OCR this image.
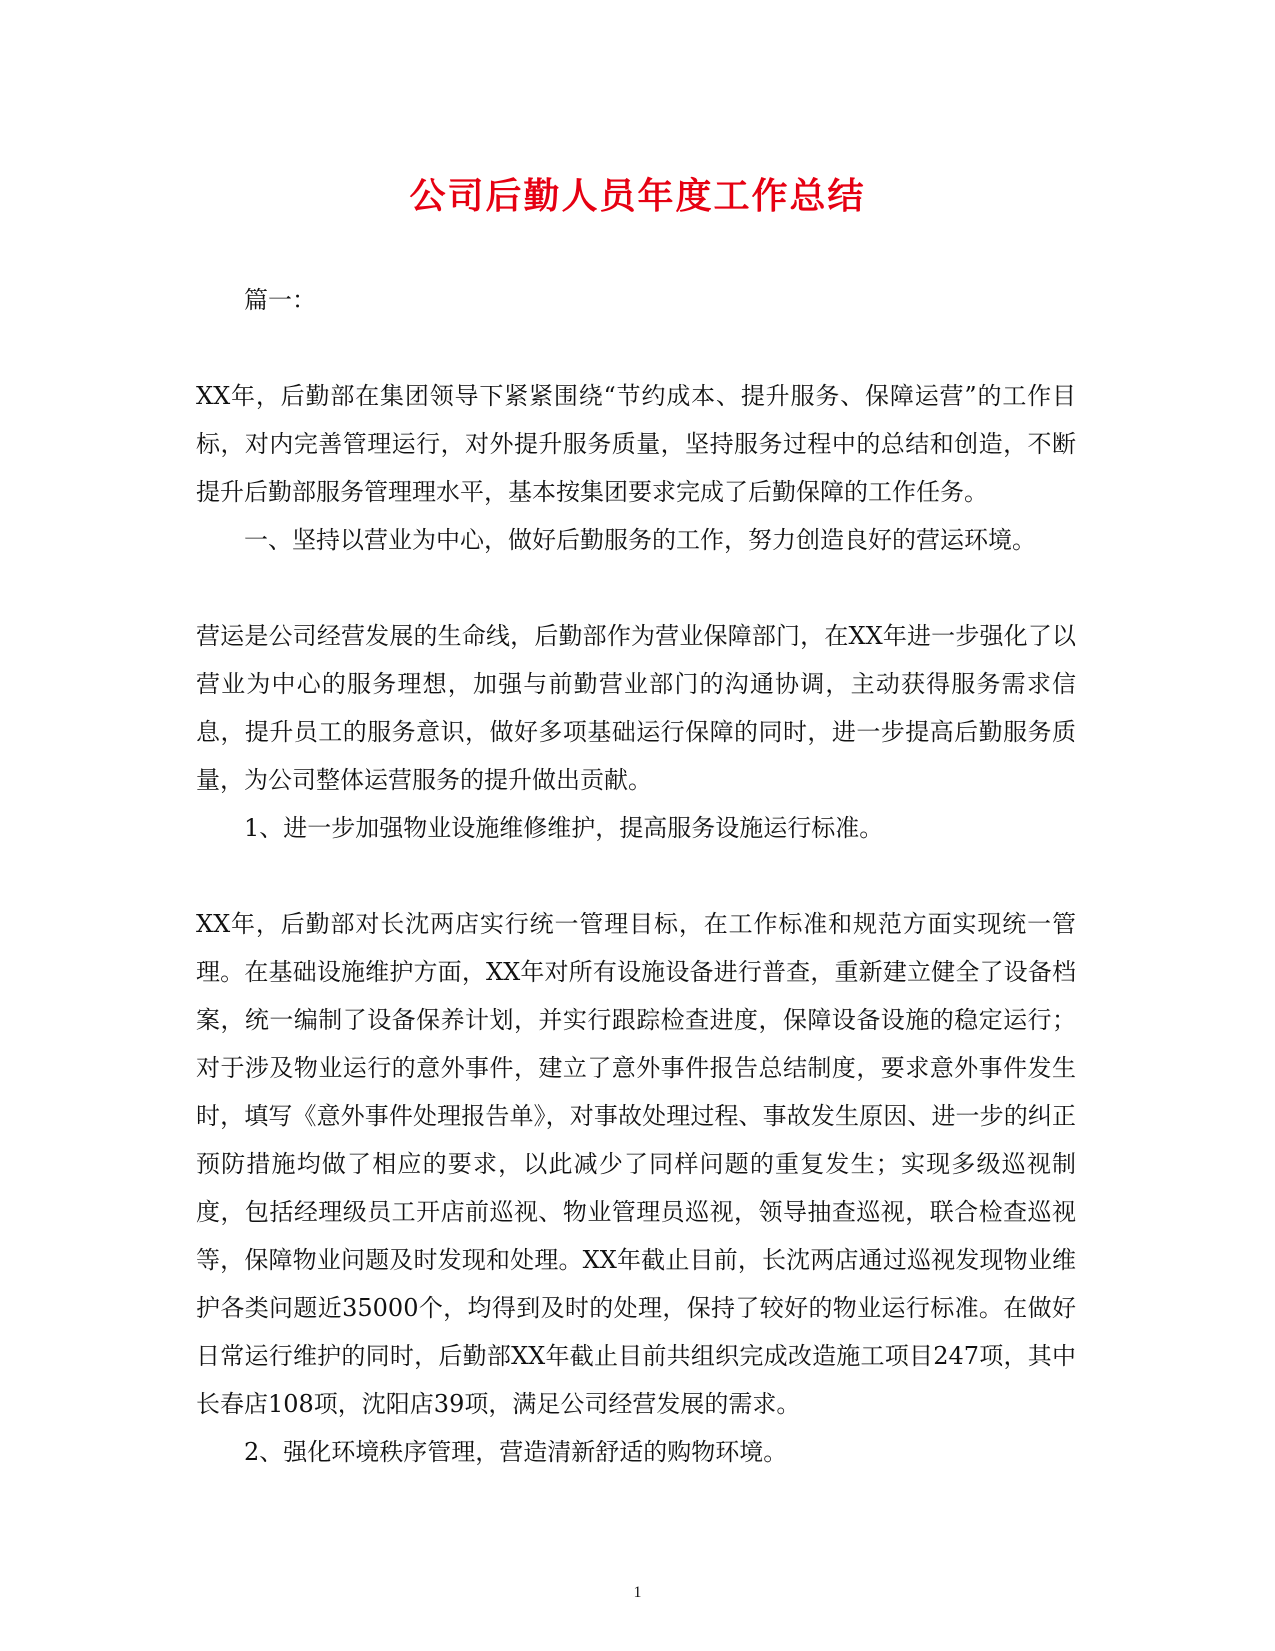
公司后勤人员年度工作总结

篇一：

XX年，后勤部在集团领导下紧紧围绕“节约成本、提升服务、保障运营”的工作目标，对内完善管理运行，对外提升服务质量，坚持服务过程中的总结和创造，不断提升后勤部服务管理理水平，基本按集团要求完成了后勤保障的工作任务。

一、坚持以营业为中心，做好后勤服务的工作，努力创造良好的营运环境。

营运是公司经营发展的生命线，后勤部作为营业保障部门，在XX年进一步强化了以营业为中心的服务理想，加强与前勤营业部门的沟通协调，主动获得服务需求信息，提升员工的服务意识，做好多项基础运行保障的同时，进一步提高后勤服务质量，为公司整体运营服务的提升做出贡献。

1、进一步加强物业设施维修维护，提高服务设施运行标准。

XX年，后勤部对长沈两店实行统一管理目标，在工作标准和规范方面实现统一管理。在基础设施维护方面，XX年对所有设施设备进行普查，重新建立健全了设备档案，统一编制了设备保养计划，并实行跟踪检查进度，保障设备设施的稳定运行；对于涉及物业运行的意外事件，建立了意外事件报告总结制度，要求意外事件发生时，填写《意外事件处理报告单》，对事故处理过程、事故发生原因、进一步的纠正预防措施均做了相应的要求，以此减少了同样问题的重复发生；实现多级巡视制度，包括经理级员工开店前巡视、物业管理员巡视，领导抽查巡视，联合检查巡视等，保障物业问题及时发现和处理。XX年截止目前，长沈两店通过巡视发现物业维护各类问题近35000个，均得到及时的处理，保持了较好的物业运行标准。在做好日常运行维护的同时，后勤部XX年截止目前共组织完成改造施工项目247项，其中长春店108项，沈阳店39项，满足公司经营发展的需求。

2、强化环境秩序管理，营造清新舒适的购物环境。

1
